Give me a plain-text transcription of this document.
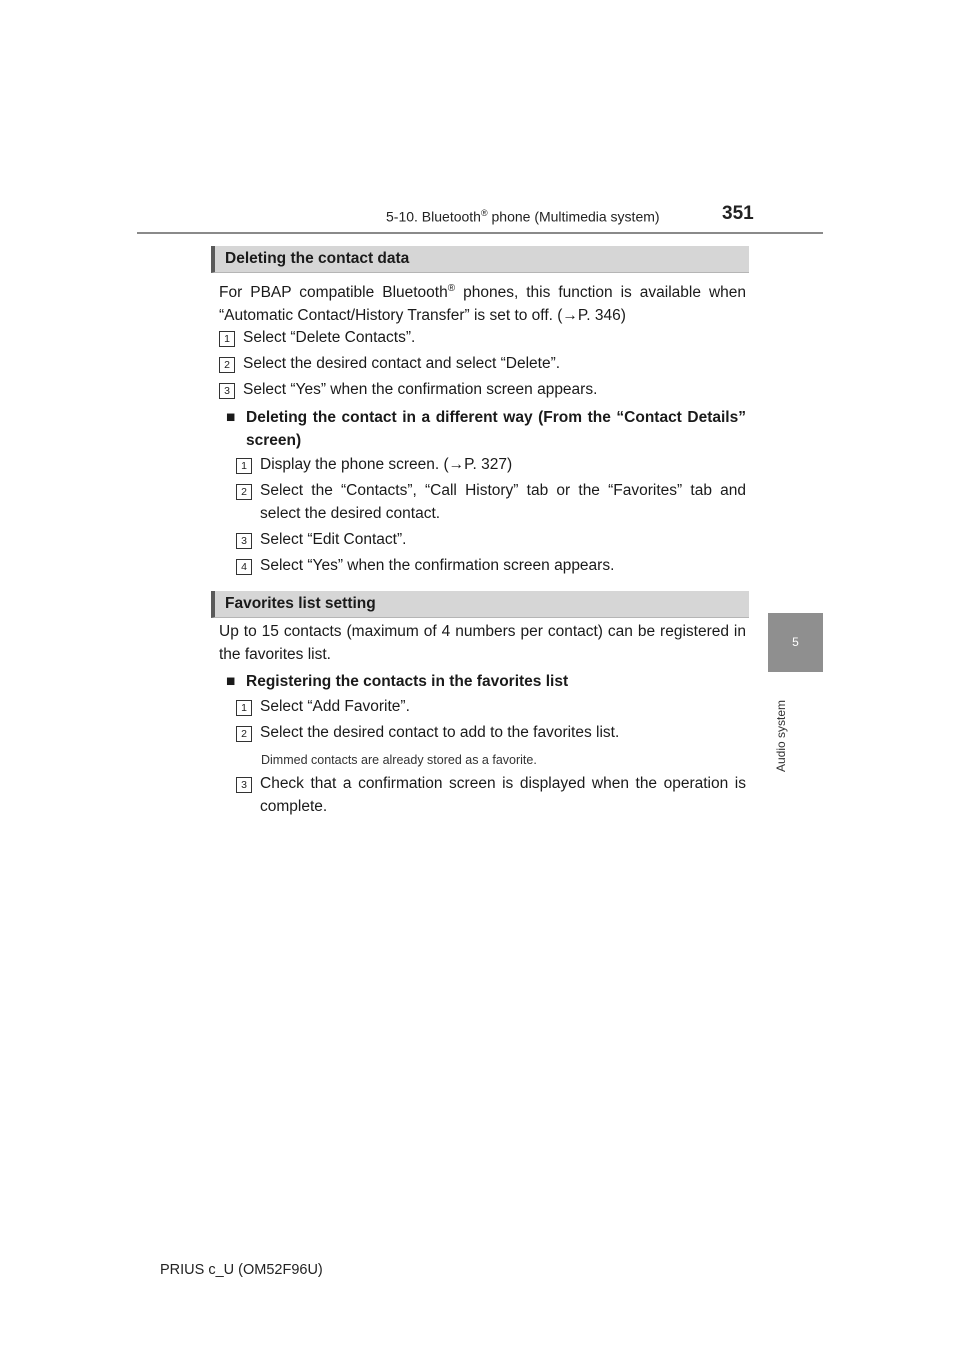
5-10. Bluetooth® phone (Multimedia system)	351
5
Audio system
Deleting the contact data
For PBAP compatible Bluetooth® phones, this function is available when “Automatic Contact/History Transfer” is set to off. (→P. 346)
1 Select “Delete Contacts”.
2 Select the desired contact and select “Delete”.
3 Select “Yes” when the confirmation screen appears.
■ Deleting the contact in a different way (From the “Contact Details” screen)
1 Display the phone screen. (→P. 327)
2 Select the “Contacts”, “Call History” tab or the “Favorites” tab and select the desired contact.
3 Select “Edit Contact”.
4 Select “Yes” when the confirmation screen appears.
Favorites list setting
Up to 15 contacts (maximum of 4 numbers per contact) can be registered in the favorites list.
■ Registering the contacts in the favorites list
1 Select “Add Favorite”.
2 Select the desired contact to add to the favorites list.
Dimmed contacts are already stored as a favorite.
3 Check that a confirmation screen is displayed when the operation is complete.
PRIUS c_U (OM52F96U)
